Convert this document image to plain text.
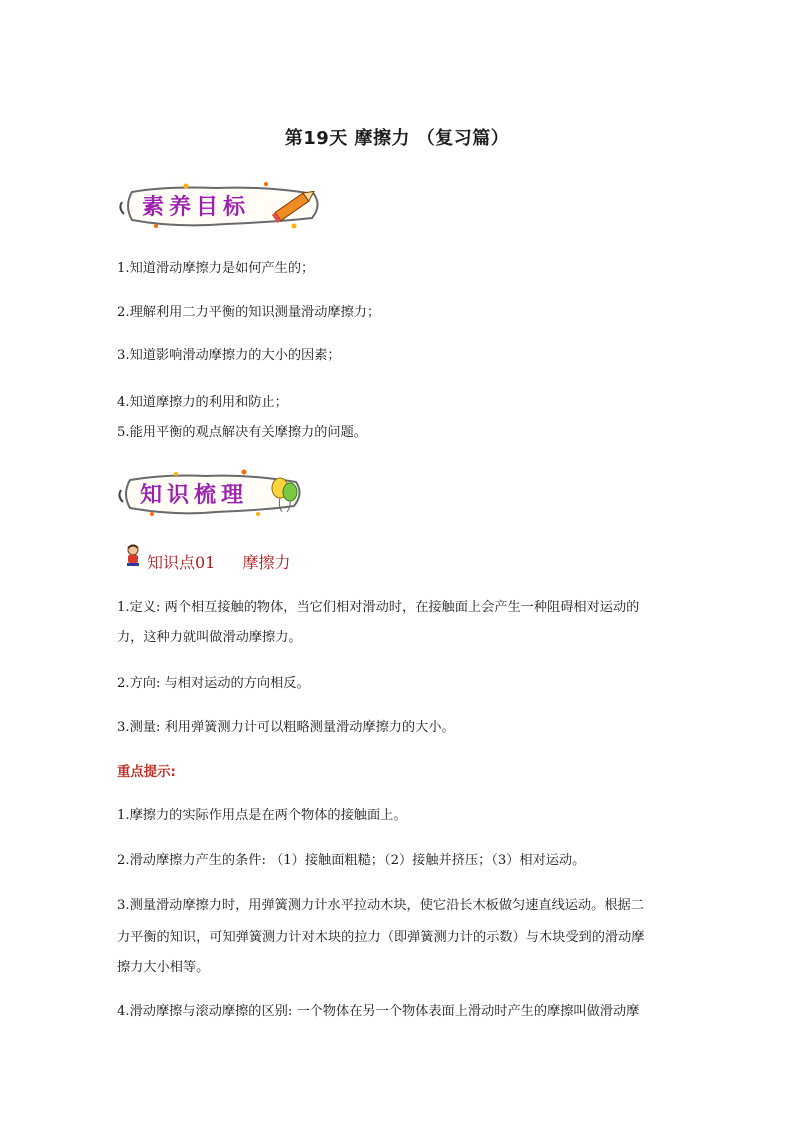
第19天 摩擦力 （复习篇）
素养目标
1.知道滑动摩擦力是如何产生的；
2.理解利用二力平衡的知识测量滑动摩擦力；
3.知道影响滑动摩擦力的大小的因素；
4.知道摩擦力的利用和防止；
5.能用平衡的观点解决有关摩擦力的问题。
知识梳理
知识点01 摩擦力
1.定义: 两个相互接触的物体，当它们相对滑动时，在接触面上会产生一种阻碍相对运动的
力，这种力就叫做滑动摩擦力。
2.方向: 与相对运动的方向相反。
3.测量: 利用弹簧测力计可以粗略测量滑动摩擦力的大小。
重点提示:
1.摩擦力的实际作用点是在两个物体的接触面上。
2.滑动摩擦力产生的条件: （1）接触面粗糙；（2）接触并挤压；（3）相对运动。
3.测量滑动摩擦力时，用弹簧测力计水平拉动木块，使它沿长木板做匀速直线运动。根据二
力平衡的知识，可知弹簧测力计对木块的拉力（即弹簧测力计的示数）与木块受到的滑动摩
擦力大小相等。
4.滑动摩擦与滚动摩擦的区别: 一个物体在另一个物体表面上滑动时产生的摩擦叫做滑动摩
